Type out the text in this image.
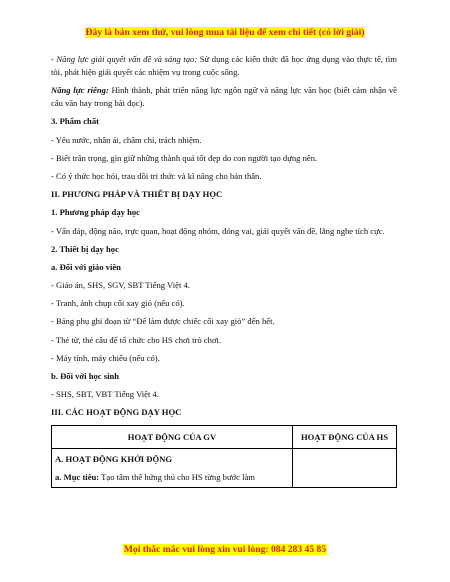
Đây là bản xem thử, vui lòng mua tài liệu để xem chi tiết (có lời giải)

- Năng lực giải quyết vấn đề và sáng tạo: Sử dụng các kiến thức đã học ứng dụng vào thực tế, tìm tòi, phát hiện giải quyết các nhiệm vụ trong cuộc sống.

Năng lực riêng: Hình thành, phát triển năng lực ngôn ngữ và năng lực văn học (biết cảm nhận về câu văn hay trong bài đọc).

3. Phẩm chất

- Yêu nước, nhân ái, chăm chỉ, trách nhiệm.

- Biết trân trọng, gìn giữ những thành quả tốt đẹp do con người tạo dựng nên.

- Có ý thức học hỏi, trau dồi tri thức và kĩ năng cho bản thân.

II. PHƯƠNG PHÁP VÀ THIẾT BỊ DẠY HỌC

1. Phương pháp dạy học

- Vấn đáp, động não, trực quan, hoạt động nhóm, đóng vai, giải quyết vấn đề, lắng nghe tích cực.

2. Thiết bị dạy học

a. Đối với giáo viên

- Giáo án, SHS, SGV, SBT Tiếng Việt 4.

- Tranh, ảnh chụp cối xay gió (nếu có).

- Bảng phụ ghi đoạn từ “Để làm được chiếc cối xay gió” đến hết.

- Thẻ từ, thẻ câu để tổ chức cho HS chơi trò chơi.

- Máy tính, máy chiếu (nếu có).

b. Đối với học sinh

- SHS, SBT, VBT Tiếng Việt 4.

III. CÁC HOẠT ĐỘNG DẠY HỌC

HOẠT ĐỘNG CỦA GV	HOẠT ĐỘNG CỦA HS

A. HOẠT ĐỘNG KHỞI ĐỘNG
a. Mục tiêu: Tạo tâm thế hứng thú cho HS từng bước làm	

Mọi thắc mắc vui lòng xin vui lòng: 084 283 45 85
